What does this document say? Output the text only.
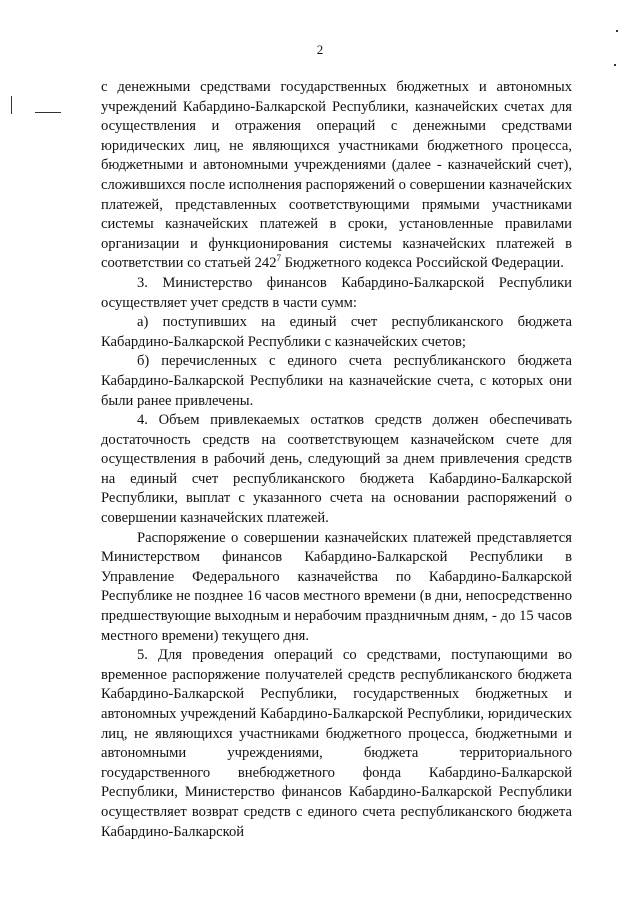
2

с денежными средствами государственных бюджетных и автономных учреждений Кабардино-Балкарской Республики, казначейских счетах для осуществления и отражения операций с денежными средствами юридических лиц, не являющихся участниками бюджетного процесса, бюджетными и автономными учреждениями (далее - казначейский счет), сложившихся после исполнения распоряжений о совершении казначейских платежей, представленных соответствующими прямыми участниками системы казначейских платежей в сроки, установленные правилами организации и функционирования системы казначейских платежей в соответствии со статьей $242^7$ Бюджетного кодекса Российской Федерации.

3. Министерство финансов Кабардино-Балкарской Республики осуществляет учет средств в части сумм:

а) поступивших на единый счет республиканского бюджета Кабардино-Балкарской Республики с казначейских счетов;

б) перечисленных с единого счета республиканского бюджета Кабардино-Балкарской Республики на казначейские счета, с которых они были ранее привлечены.

4. Объем привлекаемых остатков средств должен обеспечивать достаточность средств на соответствующем казначейском счете для осуществления в рабочий день, следующий за днем привлечения средств на единый счет республиканского бюджета Кабардино-Балкарской Республики, выплат с указанного счета на основании распоряжений о совершении казначейских платежей.

Распоряжение о совершении казначейских платежей представляется Министерством финансов Кабардино-Балкарской Республики в Управление Федерального казначейства по Кабардино-Балкарской Республике не позднее 16 часов местного времени (в дни, непосредственно предшествующие выходным и нерабочим праздничным дням, - до 15 часов местного времени) текущего дня.

5. Для проведения операций со средствами, поступающими во временное распоряжение получателей средств республиканского бюджета Кабардино-Балкарской Республики, государственных бюджетных и автономных учреждений Кабардино-Балкарской Республики, юридических лиц, не являющихся участниками бюджетного процесса, бюджетными и автономными учреждениями, бюджета территориального государственного внебюджетного фонда Кабардино-Балкарской Республики, Министерство финансов Кабардино-Балкарской Республики осуществляет возврат средств с единого счета республиканского бюджета Кабардино-Балкарской
